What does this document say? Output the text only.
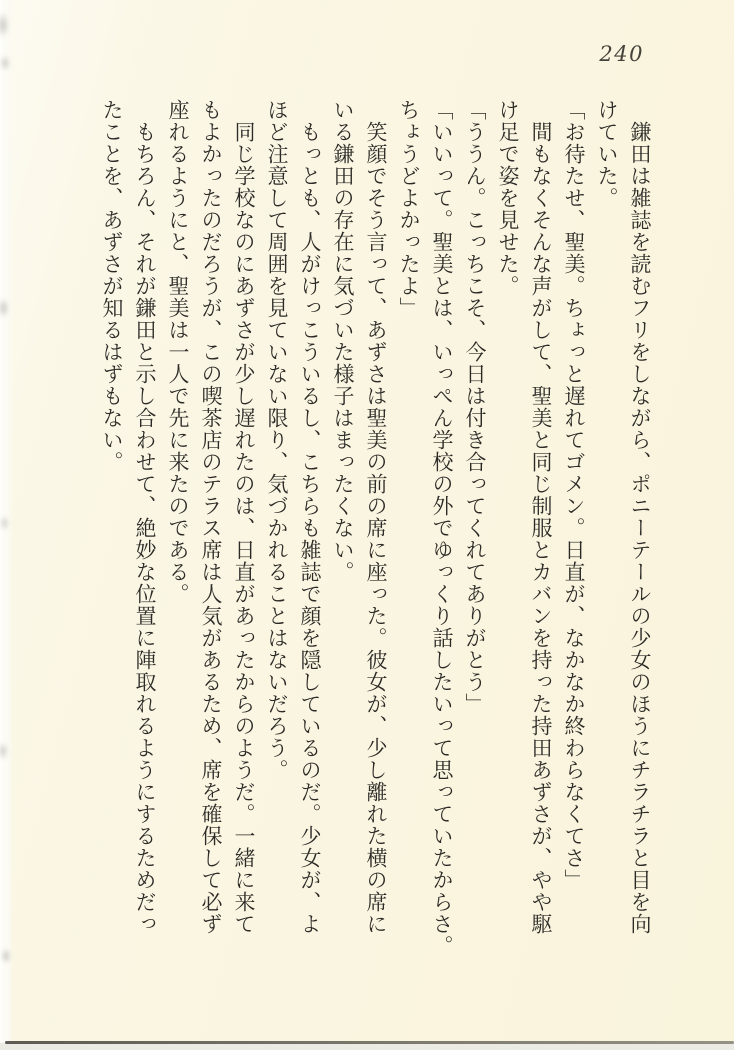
240

鎌田は雑誌を読むフリをしながら、ポニーテールの少女のほうにチラチラと目を向

けていた。

「お待たせ、聖美。ちょっと遅れてゴメン。日直が、なかなか終わらなくてさ」

間もなくそんな声がして、聖美と同じ制服とカバンを持った持田あずさが、やや駆

け足で姿を見せた。

「ううん。こっちこそ、今日は付き合ってくれてありがとう」

「いいって。聖美とは、いっぺん学校の外でゆっくり話したいって思っていたからさ。

ちょうどよかったよ」

笑顔でそう言って、あずさは聖美の前の席に座った。彼女が、少し離れた横の席に

いる鎌田の存在に気づいた様子はまったくない。

もっとも、人がけっこういるし、こちらも雑誌で顔を隠しているのだ。少女が、よ

ほど注意して周囲を見ていない限り、気づかれることはないだろう。

同じ学校なのにあずさが少し遅れたのは、日直があったからのようだ。一緒に来て

もよかったのだろうが、この喫茶店のテラス席は人気があるため、席を確保して必ず

座れるようにと、聖美は一人で先に来たのである。

もちろん、それが鎌田と示し合わせて、絶妙な位置に陣取れるようにするためだっ

たことを、あずさが知るはずもない。
